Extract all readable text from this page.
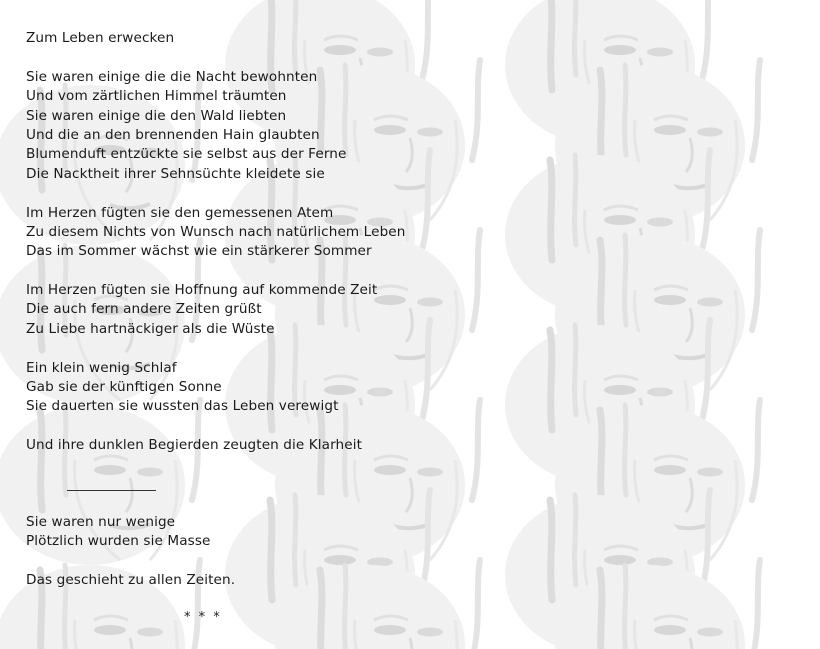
Zum Leben erwecken
Sie waren einige die die Nacht bewohnten
Und vom zärtlichen Himmel träumten
Sie waren einige die den Wald liebten
Und die an den brennenden Hain glaubten
Blumenduft entzückte sie selbst aus der Ferne
Die Nacktheit ihrer Sehnsüchte kleidete sie
Im Herzen fügten sie den gemessenen Atem
Zu diesem Nichts von Wunsch nach natürlichem Leben
Das im Sommer wächst wie ein stärkerer Sommer
Im Herzen fügten sie Hoffnung auf kommende Zeit
Die auch fern andere Zeiten grüßt
Zu Liebe hartnäckiger als die Wüste
Ein klein wenig Schlaf
Gab sie der künftigen Sonne
Sie dauerten sie wussten das Leben verewigt
Und ihre dunklen Begierden zeugten die Klarheit
Sie waren nur wenige
Plötzlich wurden sie Masse
Das geschieht zu allen Zeiten.
* * *
